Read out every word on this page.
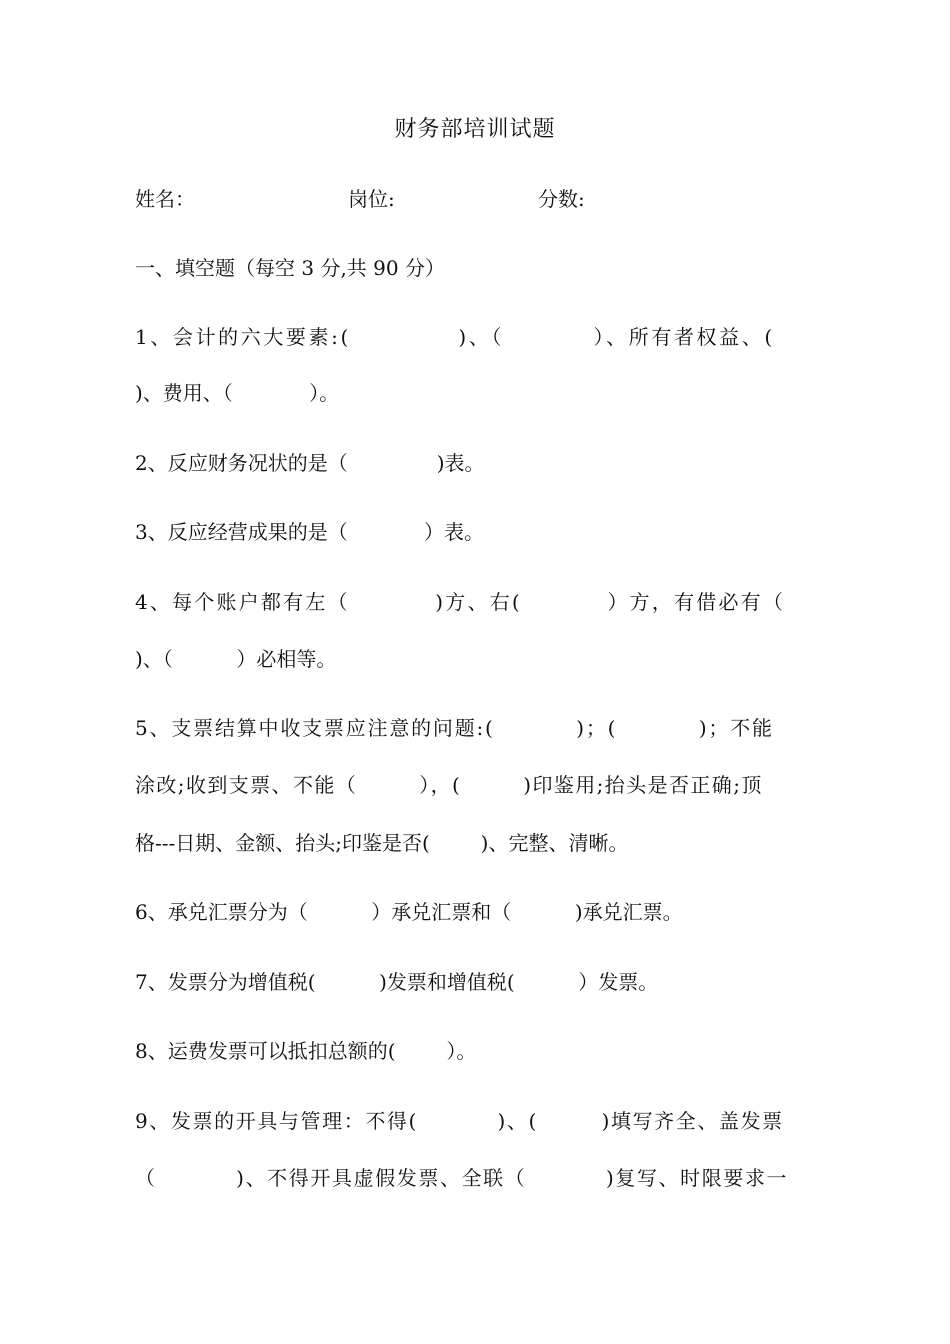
财务部培训试题
姓名：	岗位:	分数:
一、填空题（每空 3 分,共 90 分）
1、会计的六大要素:(            )、（          ）、所有者权益、(
)、费用、（            ）。
2、反应财务况状的是（              )表。
3、反应经营成果的是（            ）表。
4、每个账户都有左（          )方、右(          ）方，有借必有（
)、（          ）必相等。
5、支票结算中收支票应注意的问题:(          )；(          )；不能
涂改;收到支票、不能（        ），(        )印鉴用;抬头是否正确;顶
格---日期、金额、抬头;印鉴是否(        )、完整、清晰。
6、承兑汇票分为（          ）承兑汇票和（          )承兑汇票。
7、发票分为增值税(          )发票和增值税(          ）发票。
8、运费发票可以抵扣总额的(        ）。
9、发票的开具与管理：不得(          )、(        )填写齐全、盖发票
（          )、不得开具虚假发票、全联（          )复写、时限要求一
